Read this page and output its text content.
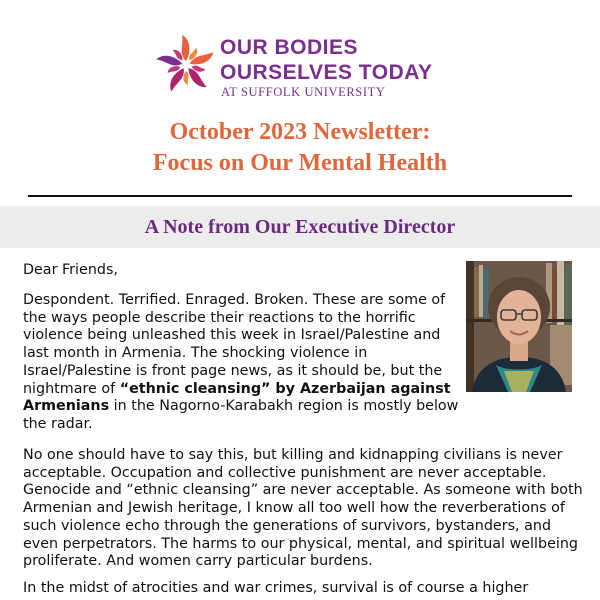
OUR BODIES
OURSELVES TODAY
AT SUFFOLK UNIVERSITY
October 2023 Newsletter:
Focus on Our Mental Health
A Note from Our Executive Director
Dear Friends,
Despondent. Terrified. Enraged. Broken. These are some of
the ways people describe their reactions to the horrific
violence being unleashed this week in Israel/Palestine and
last month in Armenia. The shocking violence in
Israel/Palestine is front page news, as it should be, but the
nightmare of “ethnic cleansing” by Azerbaijan against
Armenians in the Nagorno-Karabakh region is mostly below
the radar.
No one should have to say this, but killing and kidnapping civilians is never
acceptable. Occupation and collective punishment are never acceptable.
Genocide and “ethnic cleansing” are never acceptable. As someone with both
Armenian and Jewish heritage, I know all too well how the reverberations of
such violence echo through the generations of survivors, bystanders, and
even perpetrators. The harms to our physical, mental, and spiritual wellbeing
proliferate. And women carry particular burdens.
In the midst of atrocities and war crimes, survival is of course a higher
